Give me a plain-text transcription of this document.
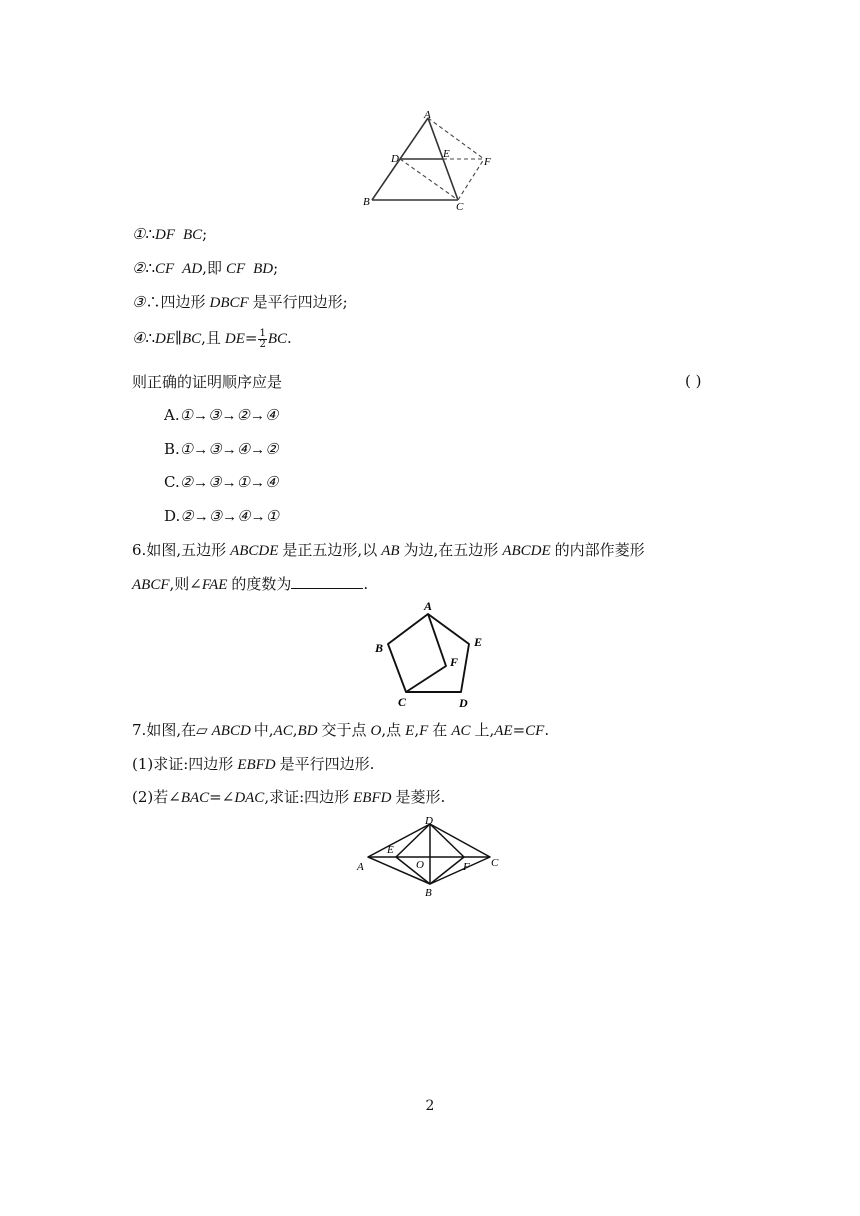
A
D	E
F
B	C
①∴DF BC;
②∴CF AD,即 CF BD;
③∴四边形 DBCF 是平行四边形;
④∴DE∥BC,且 $DE= \frac{1}{2}$ BC.
则正确的证明顺序应是	( )
A.①→③→②→④
B.①→③→④→②
C.②→③→①→④
D.②→③→④→①
6.如图,五边形 ABCDE 是正五边形,以 AB 为边,在五边形 ABCDE 的内部作菱形
ABCF,则∠FAE 的度数为	.
A
B	E
F
C	D
7.如图,在▱ ABCD 中,AC,BD 交于点 O,点 E,F 在 AC 上,AE=CF.
(1)求证:四边形 EBFD 是平行四边形.
(2)若∠BAC=∠DAC,求证:四边形 EBFD 是菱形.
D
A
E
O	F C
B
2
